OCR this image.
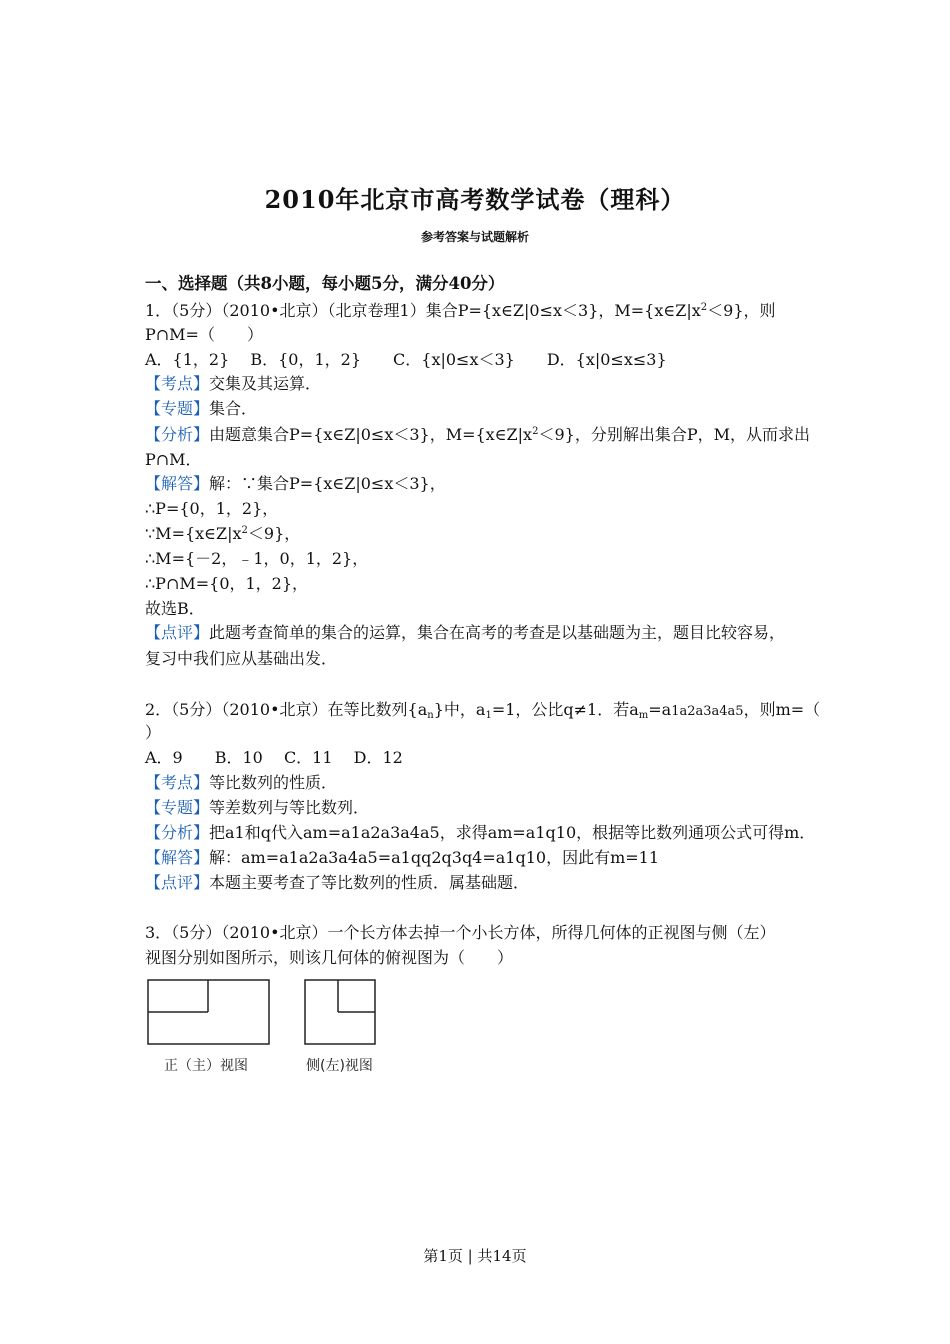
2010年北京市高考数学试卷（理科）
参考答案与试题解析
一、选择题（共8小题，每小题5分，满分40分）
1．（5分）（2010•北京）（北京卷理1）集合P={x∈Z|0≤x＜3}，$M=\{x\in Z|x^2<9\}$，则
P∩M=（　　）
A．{1，2}　 B．{0，1，2}　　C．{x|0≤x＜3}　　D．{x|0≤x≤3}
【考点】交集及其运算．
【专题】集合．
【分析】由题意集合P={x∈Z|0≤x＜3}，$M=\{x\in Z|x^2<9\}$，分别解出集合P，M，从而求出
P∩M．
【解答】解：∵集合P={x∈Z|0≤x＜3}，
∴P={0，1，2}，
$\because M=\{x\in Z|x^2<9\}$，
∴M={－2，﹣1，0，1，2}，
∴P∩M={0，1，2}，
故选B．
【点评】此题考查简单的集合的运算，集合在高考的考查是以基础题为主，题目比较容易，
复习中我们应从基础出发．
2．（5分）（2010•北京）在等比数列$\{a_n\}$中，$a_1=1$，公比q≠1．若$a_m=a1a2a3a4a5$，则m=（
）
A．9　　B．10　 C．11　 D．12
【考点】等比数列的性质．
【专题】等差数列与等比数列．
【分析】把a1和q代入am=a1a2a3a4a5，求得am=a1q10，根据等比数列通项公式可得m．
【解答】解：am=a1a2a3a4a5=a1qq2q3q4=a1q10，因此有m=11
【点评】本题主要考查了等比数列的性质．属基础题．
3．（5分）（2010•北京）一个长方体去掉一个小长方体，所得几何体的正视图与侧（左）
视图分别如图所示，则该几何体的俯视图为（　　）
正（主）视图	侧(左)视图
第1页 | 共14页
